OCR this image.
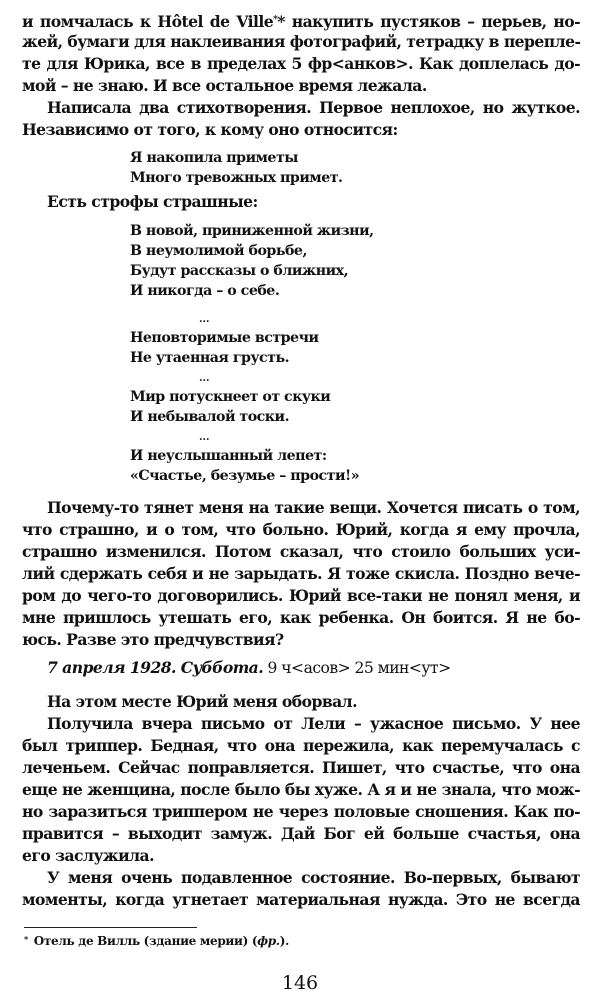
и помчалась к Hôtel de Ville** накупить пустяков – перьев, но-
жей, бумаги для наклеивания фотографий, тетрадку в перепле-
те для Юрика, все в пределах 5 фр<анков>. Как доплелась до-
мой – не знаю. И все остальное время лежала.
Написала два стихотворения. Первое неплохое, но жуткое.
Независимо от того, к кому оно относится:
Я накопила приметы
Много тревожных примет.
Есть строфы страшные:
В новой, приниженной жизни,
В неумолимой борьбе,
Будут рассказы о ближних,
И никогда – о себе.
...
Неповторимые встречи
Не утаенная грусть.
...
Мир потускнеет от скуки
И небывалой тоски.
...
И неуслышанный лепет:
«Счастье, безумье – прости!»
Почему-то тянет меня на такие вещи. Хочется писать о том,
что страшно, и о том, что больно. Юрий, когда я ему прочла,
страшно изменился. Потом сказал, что стоило больших уси-
лий сдержать себя и не зарыдать. Я тоже скисла. Поздно вече-
ром до чего-то договорились. Юрий все-таки не понял меня, и
мне пришлось утешать его, как ребенка. Он боится. Я не бо-
юсь. Разве это предчувствия?
7 апреля 1928. Суббота. 9 ч<асов> 25 мин<ут>
На этом месте Юрий меня оборвал.
Получила вчера письмо от Лели – ужасное письмо. У нее
был триппер. Бедная, что она пережила, как перемучалась с
леченьем. Сейчас поправляется. Пишет, что счастье, что она
еще не женщина, после было бы хуже. А я и не знала, что мож-
но заразиться триппером не через половые сношения. Как по-
правится – выходит замуж. Дай Бог ей больше счастья, она
его заслужила.
У меня очень подавленное состояние. Во-первых, бывают
моменты, когда угнетает материальная нужда. Это не всегда
* Отель де Вилль (здание мерии) (фр.).
146
